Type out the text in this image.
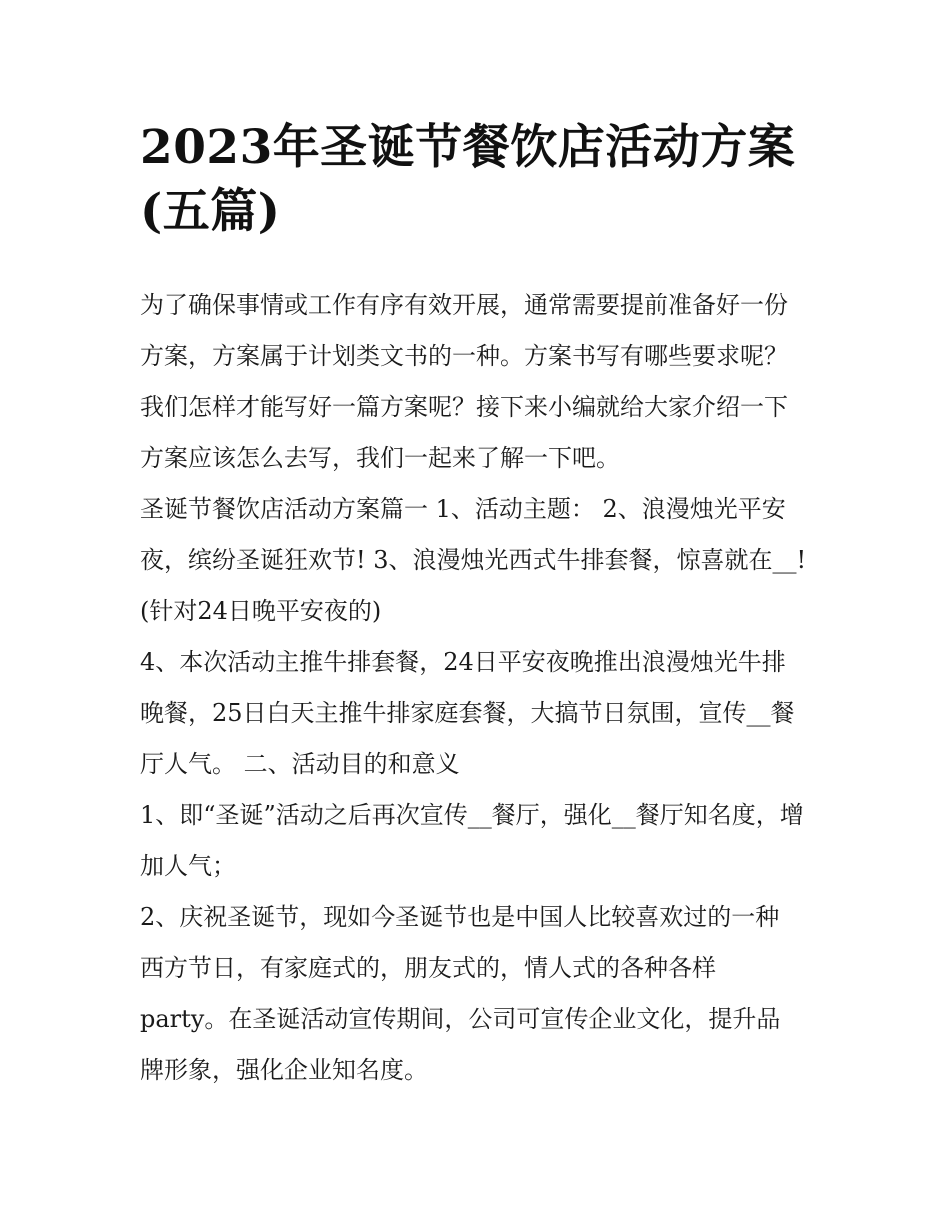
2023年圣诞节餐饮店活动方案(五篇)
为了确保事情或工作有序有效开展，通常需要提前准备好一份
方案，方案属于计划类文书的一种。方案书写有哪些要求呢？
我们怎样才能写好一篇方案呢？接下来小编就给大家介绍一下
方案应该怎么去写，我们一起来了解一下吧。
圣诞节餐饮店活动方案篇一 1、活动主题： 2、浪漫烛光平安
夜，缤纷圣诞狂欢节! 3、浪漫烛光西式牛排套餐，惊喜就在__!
(针对24日晚平安夜的)
4、本次活动主推牛排套餐，24日平安夜晚推出浪漫烛光牛排
晚餐，25日白天主推牛排家庭套餐，大搞节日氛围，宣传__餐
厅人气。 二、活动目的和意义
1、即“圣诞”活动之后再次宣传__餐厅，强化__餐厅知名度，增
加人气；
2、庆祝圣诞节，现如今圣诞节也是中国人比较喜欢过的一种
西方节日，有家庭式的，朋友式的，情人式的各种各样
party。在圣诞活动宣传期间，公司可宣传企业文化，提升品
牌形象，强化企业知名度。
